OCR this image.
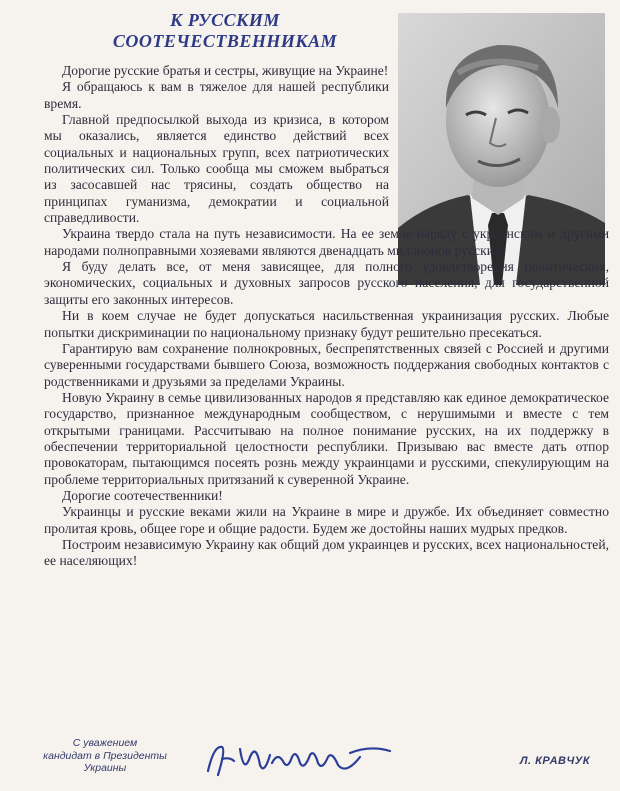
К РУССКИМ
СООТЕЧЕСТВЕННИКАМ

Дорогие русские братья и сестры, живущие на Украине!

Я обращаюсь к вам в тяжелое для нашей республики время.

Главной предпосылкой выхода из кризиса, в котором мы оказались, является единство действий всех социальных и национальных групп, всех патриотических политических сил. Только сообща мы сможем выбраться из засосавшей нас трясины, создать общество на принципах гуманизма, демократии и социальной справедливости.

Украина твердо стала на путь независимости. На ее земле наряду с украинским и другими народами полноправными хозяевами являются двенадцать миллионов русских.

Я буду делать все, от меня зависящее, для полного удовлетворения политических, экономических, социальных и духовных запросов русского населения, для государственной защиты его законных интересов.

Ни в коем случае не будет допускаться насильственная украинизация русских. Любые попытки дискриминации по национальному признаку будут решительно пресекаться.

Гарантирую вам сохранение полнокровных, беспрепятственных связей с Россией и другими суверенными государствами бывшего Союза, возможность поддержания свободных контактов с родственниками и друзьями за пределами Украины.

Новую Украину в семье цивилизованных народов я представляю как единое демократическое государство, признанное международным сообществом, с нерушимыми и вместе с тем открытыми границами. Рассчитываю на полное понимание русских, на их поддержку в обеспечении территориальной целостности республики. Призываю вас вместе дать отпор провокаторам, пытающимся посеять рознь между украинцами и русскими, спекулирующим на проблеме территориальных притязаний к суверенной Украине.

Дорогие соотечественники!

Украинцы и русские веками жили на Украине в мире и дружбе. Их объединяет совместно пролитая кровь, общее горе и общие радости. Будем же достойны наших мудрых предков.

Построим независимую Украину как общий дом украинцев и русских, всех национальностей, ее населяющих!

С уважением
кандидат в Президенты
Украины
Л. КРАВЧУК
